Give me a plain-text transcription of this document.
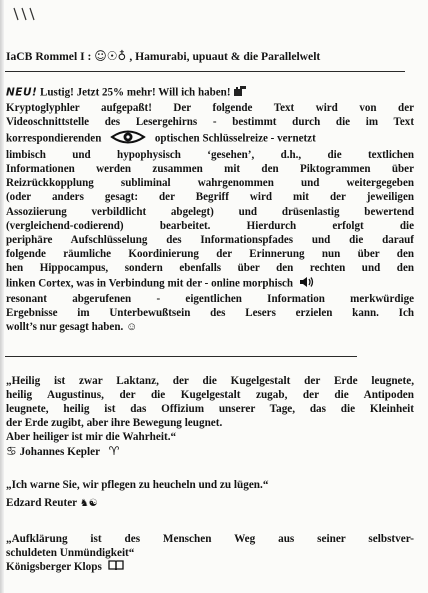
IaCB Rommel I : ☺☉♁ , Hamurabi, upuaut & die Parallelwelt
NEU! Lustig! Jetzt 25% mehr! Will ich haben!
Kryptoglyphler aufgepaßt! Der folgende Text wird von der
Videoschnittstelle des Lesergehirns - bestimmt durch die im Text
korrespondierenden	optischen Schlüsselreize - vernetzt
limbisch und hypophysisch ‘gesehen’, d.h., die textlichen
Informationen werden zusammen mit den Piktogrammen über
Reizrückkopplung subliminal wahrgenommen und weitergegeben
(oder anders gesagt: der Begriff wird mit der jeweiligen
Assoziierung verbildlicht abgelegt) und drüsenlastig bewertend
(vergleichend-codierend) bearbeitet. Hierdurch erfolgt die
periphäre Aufschlüsselung des Informationspfades und die darauf
folgende räumliche Koordinierung der Erinnerung nun über den
hen Hippocampus, sondern ebenfalls über den rechten und den
linken Cortex, was in Verbindung mit der - online morphisch
resonant abgerufenen - eigentlichen Information merkwürdige
Ergebnisse im Unterbewußtsein des Lesers erzielen kann. Ich
wollt’s nur gesagt haben. ☺
„Heilig ist zwar Laktanz, der die Kugelgestalt der Erde leugnete,
heilig Augustinus, der die Kugelgestalt zugab, der die Antipoden
leugnete, heilig ist das Offizium unserer Tage, das die Kleinheit
der Erde zugibt, aber ihre Bewegung leugnet.
Aber heiliger ist mir die Wahrheit.“
♋ Johannes Kepler ♈
„Ich warne Sie, wir pflegen zu heucheln und zu lügen.“
Edzard Reuter ♞☯
„Aufklärung ist des Menschen Weg aus seiner selbstver-
schuldeten Unmündigkeit“
Königsberger Klops
